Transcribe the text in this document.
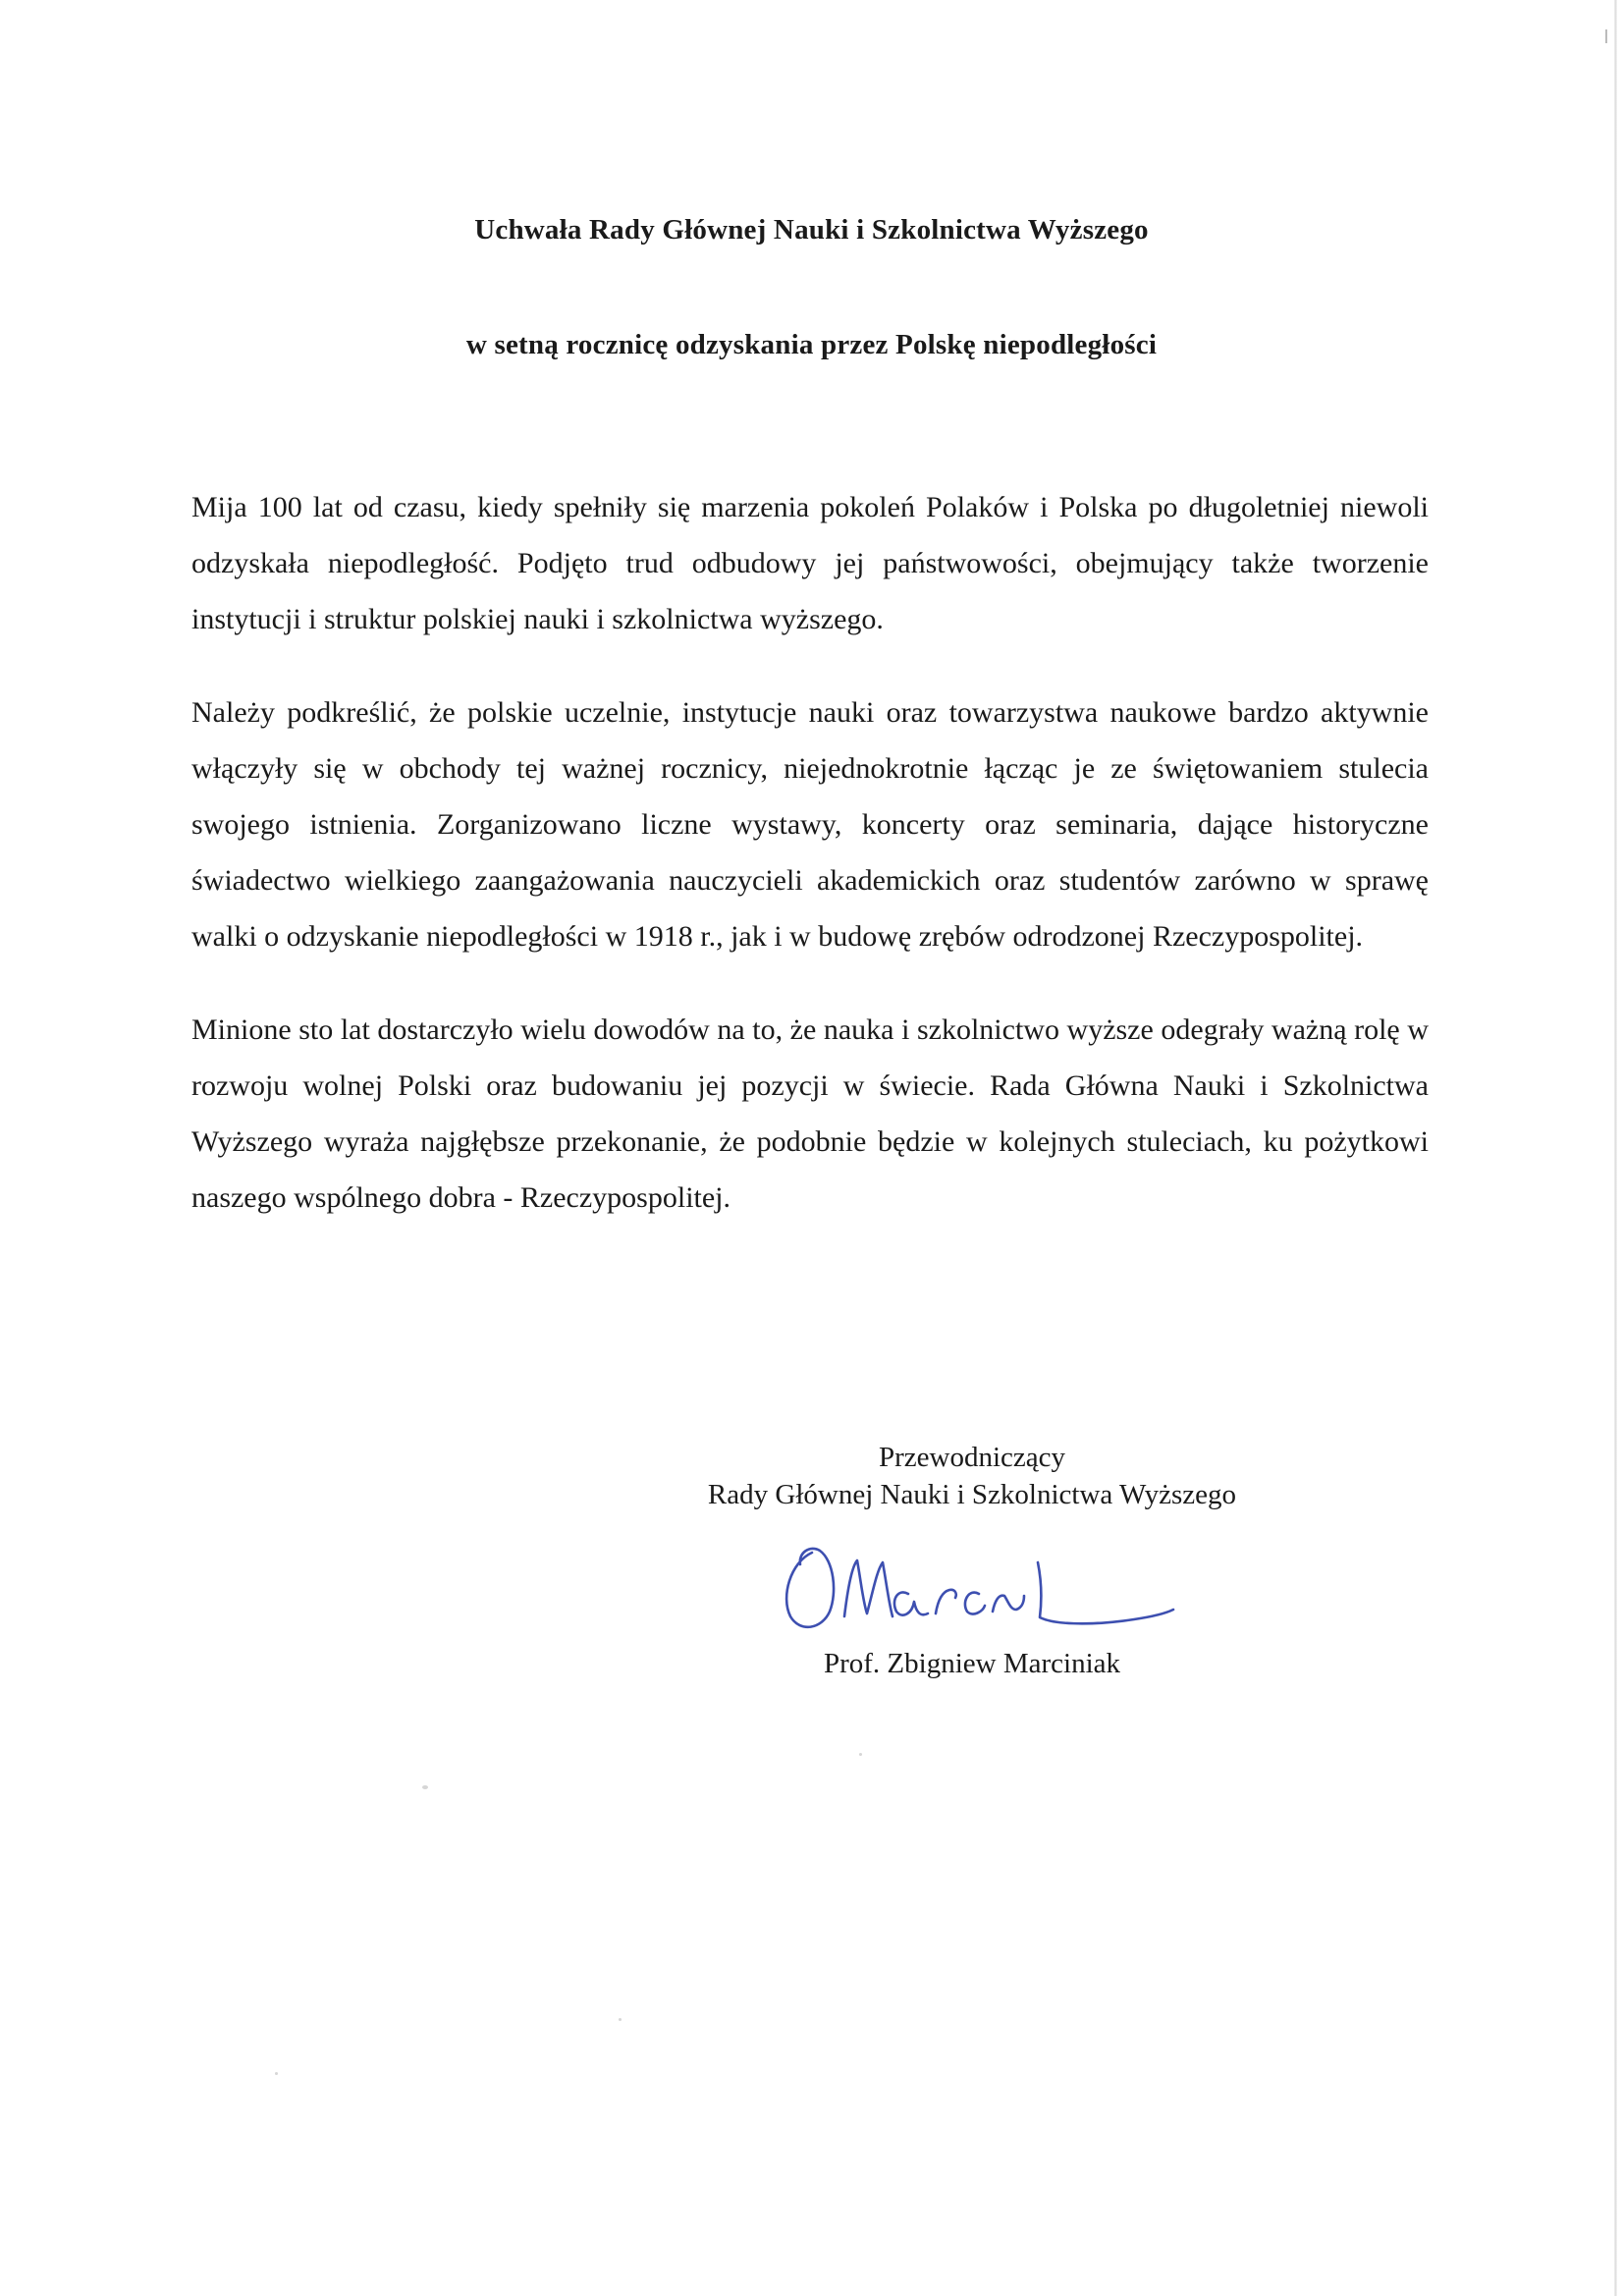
Uchwała Rady Głównej Nauki i Szkolnictwa Wyższego
w setną rocznicę odzyskania przez Polskę niepodległości

Mija 100 lat od czasu, kiedy spełniły się marzenia pokoleń Polaków i Polska po długoletniej niewoli odzyskała niepodległość. Podjęto trud odbudowy jej państwowości, obejmujący także tworzenie instytucji i struktur polskiej nauki i szkolnictwa wyższego.

Należy podkreślić, że polskie uczelnie, instytucje nauki oraz towarzystwa naukowe bardzo aktywnie włączyły się w obchody tej ważnej rocznicy, niejednokrotnie łącząc je ze świętowaniem stulecia swojego istnienia. Zorganizowano liczne wystawy, koncerty oraz seminaria, dające historyczne świadectwo wielkiego zaangażowania nauczycieli akademickich oraz studentów zarówno w sprawę walki o odzyskanie niepodległości w 1918 r., jak i w budowę zrębów odrodzonej Rzeczypospolitej.

Minione sto lat dostarczyło wielu dowodów na to, że nauka i szkolnictwo wyższe odegrały ważną rolę w rozwoju wolnej Polski oraz budowaniu jej pozycji w świecie. Rada Główna Nauki i Szkolnictwa Wyższego wyraża najgłębsze przekonanie, że podobnie będzie w kolejnych stuleciach, ku pożytkowi naszego wspólnego dobra - Rzeczypospolitej.

Przewodniczący
Rady Głównej Nauki i Szkolnictwa Wyższego
Prof. Zbigniew Marciniak
